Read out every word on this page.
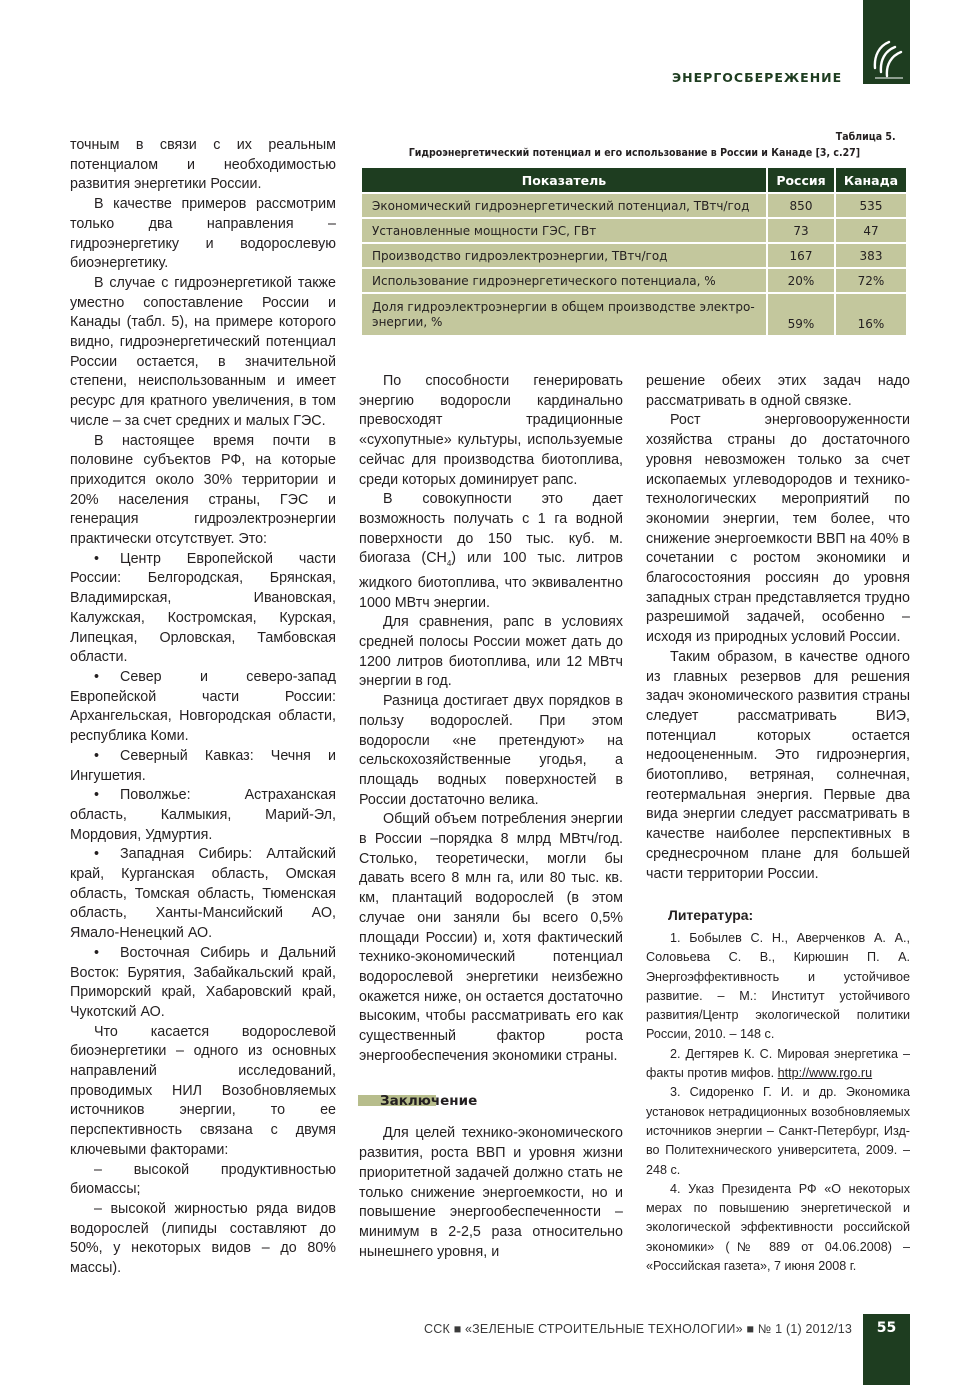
ЭНЕРГОСБЕРЕЖЕНИЕ

точным в связи с их реальным потенциалом и необходимостью развития энергетики России.

В качестве примеров рассмотрим только два направления – гидроэнергетику и водорослевую биоэнергетику.

В случае с гидроэнергетикой также уместно сопоставление России и Канады (табл. 5), на примере которого видно, гидроэнергетический потенциал России остается, в значительной степени, неиспользованным и имеет ресурс для кратного увеличения, в том числе – за счет средних и малых ГЭС.

В настоящее время почти в половине субъектов РФ, на которые приходится около 30% территории и 20% населения страны, ГЭС и генерация гидроэлектроэнергии практически отсутствует. Это:

• Центр Европейской части России: Белгородская, Брянская, Владимирская, Ивановская, Калужская, Костромская, Курская, Липецкая, Орловская, Тамбовская области.

• Север и северо-запад Европейской части России: Архангельская, Новгородская области, республика Коми.

• Северный Кавказ: Чечня и Ингушетия.

• Поволжье: Астраханская область, Калмыкия, Марий-Эл, Мордовия, Удмуртия.

• Западная Сибирь: Алтайский край, Курганская область, Омская область, Томская область, Тюменская область, Ханты-Мансийский АО, Ямало-Ненецкий АО.

• Восточная Сибирь и Дальний Восток: Бурятия, Забайкальский край, Приморский край, Хабаровский край, Чукотский АО.

Что касается водорослевой биоэнергетики – одного из основных направлений исследований, проводимых НИЛ Возобновляемых источников энергии, то ее перспективность связана с двумя ключевыми факторами:

– высокой продуктивностью биомассы;

– высокой жирностью ряда видов водорослей (липиды составляют до 50%, у некоторых видов – до 80% массы).

Таблица 5.
Гидроэнергетический потенциал и его использование в России и Канаде [3, с.27]
Показатель	Россия	Канада
Экономический гидроэнергетический потенциал, ТВтч/год	850	535
Установленные мощности ГЭС, ГВт	73	47
Производство гидроэлектроэнергии, ТВтч/год	167	383
Использование гидроэнергетического потенциала, %	20%	72%
Доля гидроэлектроэнергии в общем производстве электро-энергии, %	59%	16%

По способности генерировать энергию водоросли кардинально превосходят традиционные «сухопутные» культуры, используемые сейчас для производства биотоплива, среди которых доминирует рапс.

В совокупности это дает возможность получать с 1 га водной поверхности до 150 тыс. куб. м. биогаза $(CH_4)$ или 100 тыс. литров жидкого биотоплива, что эквивалентно 1000 МВтч энергии.

Для сравнения, рапс в условиях средней полосы России может дать до 1200 литров биотоплива, или 12 МВтч энергии в год.

Разница достигает двух порядков в пользу водорослей. При этом водоросли «не претендуют» на сельскохозяйственные угодья, а площадь водных поверхностей в России достаточно велика.

Общий объем потребления энергии в России –порядка 8 млрд МВтч/год. Столько, теоретически, могли бы давать всего 8 млн га, или 80 тыс. кв. км, плантаций водорослей (в этом случае они заняли бы всего 0,5% площади России) и, хотя фактический технико-экономический потенциал водорослевой энергетики неизбежно окажется ниже, он остается достаточно высоким, чтобы рассматривать его как существенный фактор роста энергообеспечения экономики страны.

Заключение

Для целей технико-экономического развития, роста ВВП и уровня жизни приоритетной задачей должно стать не только снижение энергоемкости, но и повышение энергообеспеченности – минимум в 2-2,5 раза относительно нынешнего уровня, и

решение обеих этих задач надо рассматривать в одной связке.

Рост энерговооруженности хозяйства страны до достаточного уровня невозможен только за счет ископаемых углеводородов и технико-технологических мероприятий по экономии энергии, тем более, что снижение энергоемкости ВВП на 40% в сочетании с ростом экономики и благосостояния россиян до уровня западных стран представляется трудно разрешимой задачей, особенно – исходя из природных условий России.

Таким образом, в качестве одного из главных резервов для решения задач экономического развития страны следует рассматривать ВИЭ, потенциал которых остается недооцененным. Это гидроэнергия, биотопливо, ветряная, солнечная, геотермальная энергия. Первые два вида энергии следует рассматривать в качестве наиболее перспективных в среднесрочном плане для большей части территории России.

Литература:

1. Бобылев С. Н., Аверченков А. А., Соловьева С. В., Кирюшин П. А. Энергоэффективность и устойчивое развитие. – М.: Институт устойчивого развития/Центр экологической политики России, 2010. – 148 с.

2. Дегтярев К. С. Мировая энергетика – факты против мифов. http://www.rgo.ru

3. Сидоренко Г. И. и др. Экономика установок нетрадиционных возобновляемых источников энергии – Санкт-Петербург, Изд-во Политехнического университета, 2009. – 248 с.

4. Указ Президента РФ «О некоторых мерах по повышению энергетической и экологической эффективности российской экономики» (№ 889 от 04.06.2008) – «Российская газета», 7 июня 2008 г.

ССК ■ «ЗЕЛЕНЫЕ СТРОИТЕЛЬНЫЕ ТЕХНОЛОГИИ» ■ № 1 (1) 2012/13	55
